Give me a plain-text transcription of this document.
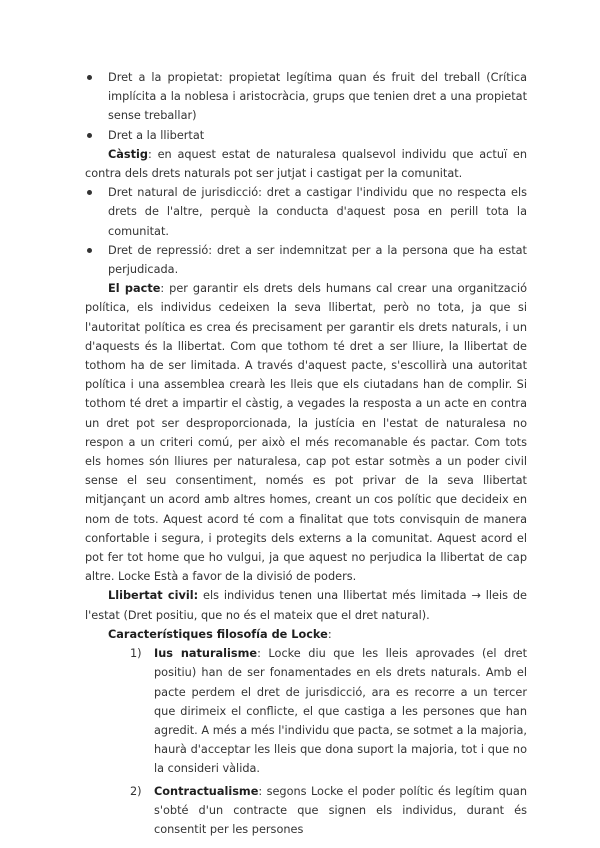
Dret a la propietat: propietat legítima quan és fruit del treball (Crítica implícita a la noblesa i aristocràcia, grups que tenien dret a una propietat sense treballar)
Dret a la llibertat

Càstig: en aquest estat de naturalesa qualsevol individu que actuï en contra dels drets naturals pot ser jutjat i castigat per la comunitat.

Dret natural de jurisdicció: dret a castigar l'individu que no respecta els drets de l'altre, perquè la conducta d'aquest posa en perill tota la comunitat.
Dret de repressió: dret a ser indemnitzat per a la persona que ha estat perjudicada.

El pacte: per garantir els drets dels humans cal crear una organització política, els individus cedeixen la seva llibertat, però no tota, ja que si l'autoritat política es crea és precisament per garantir els drets naturals, i un d'aquests és la llibertat. Com que tothom té dret a ser lliure, la llibertat de tothom ha de ser limitada. A través d'aquest pacte, s'escollirà una autoritat política i una assemblea crearà les lleis que els ciutadans han de complir. Si tothom té dret a impartir el càstig, a vegades la resposta a un acte en contra un dret pot ser desproporcionada, la justícia en l'estat de naturalesa no respon a un criteri comú, per això el més recomanable és pactar. Com tots els homes són lliures per naturalesa, cap pot estar sotmès a un poder civil sense el seu consentiment, només es pot privar de la seva llibertat mitjançant un acord amb altres homes, creant un cos polític que decideix en nom de tots. Aquest acord té com a finalitat que tots convisquin de manera confortable i segura, i protegits dels externs a la comunitat. Aquest acord el pot fer tot home que ho vulgui, ja que aquest no perjudica la llibertat de cap altre. Locke Està a favor de la divisió de poders.

Llibertat civil: els individus tenen una llibertat més limitada → lleis de l'estat (Dret positiu, que no és el mateix que el dret natural).

Característiques filosofía de Locke:

1) Ius naturalisme: Locke diu que les lleis aprovades (el dret positiu) han de ser fonamentades en els drets naturals. Amb el pacte perdem el dret de jurisdicció, ara es recorre a un tercer que dirimeix el conflicte, el que castiga a les persones que han agredit. A més a més l'individu que pacta, se sotmet a la majoria, haurà d'acceptar les lleis que dona suport la majoria, tot i que no la consideri vàlida.
2) Contractualisme: segons Locke el poder polític és legítim quan s'obté d'un contracte que signen els individus, durant és consentit per les persones
